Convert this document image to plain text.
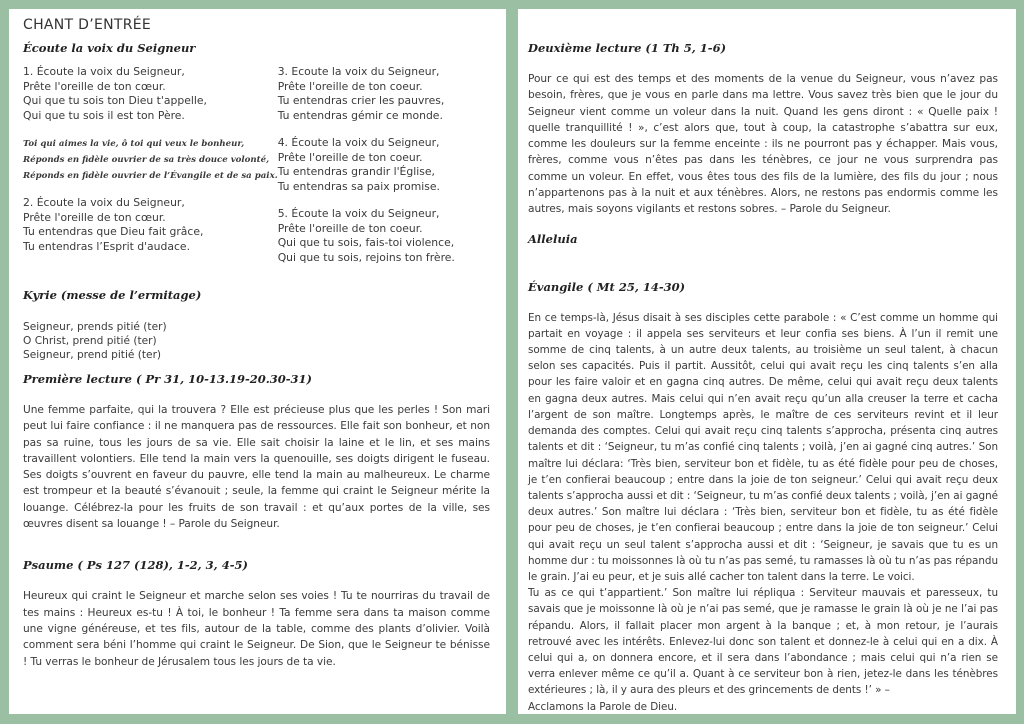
CHANT D’ENTRÉE
Écoute la voix du Seigneur
1. Écoute la voix du Seigneur,
Prête l'oreille de ton cœur.
Qui que tu sois ton Dieu t'appelle,
Qui que tu sois il est ton Père.
Toi qui aimes la vie, ô toi qui veux le bonheur,
Réponds en fidèle ouvrier de sa très douce volonté,
Réponds en fidèle ouvrier de l’Évangile et de sa paix.
2. Écoute la voix du Seigneur,
Prête l'oreille de ton cœur.
Tu entendras que Dieu fait grâce,
Tu entendras l’Esprit d'audace.
3. Ecoute la voix du Seigneur,
Prête l'oreille de ton coeur.
Tu entendras crier les pauvres,
Tu entendras gémir ce monde.
4. Écoute la voix du Seigneur,
Prête l'oreille de ton coeur.
Tu entendras grandir l'Église,
Tu entendras sa paix promise.
5. Écoute la voix du Seigneur,
Prête l'oreille de ton coeur.
Qui que tu sois, fais-toi violence,
Qui que tu sois, rejoins ton frère.
Kyrie (messe de l’ermitage)
Seigneur, prends pitié (ter)
O Christ, prend pitié (ter)
Seigneur, prend pitié (ter)
Première lecture ( Pr 31, 10-13.19-20.30-31)
Une femme parfaite, qui la trouvera ? Elle est précieuse plus que les perles ! Son mari peut lui faire confiance : il ne manquera pas de ressources. Elle fait son bonheur, et non pas sa ruine, tous les jours de sa vie. Elle sait choisir la laine et le lin, et ses mains travaillent volontiers. Elle tend la main vers la quenouille, ses doigts dirigent le fuseau. Ses doigts s’ouvrent en faveur du pauvre, elle tend la main au malheureux. Le charme est trompeur et la beauté s’évanouit ; seule, la femme qui craint le Seigneur mérite la louange. Célébrez-la pour les fruits de son travail : et qu’aux portes de la ville, ses œuvres disent sa louange ! – Parole du Seigneur.
Psaume ( Ps 127 (128), 1-2, 3, 4-5)
Heureux qui craint le Seigneur et marche selon ses voies ! Tu te nourriras du travail de tes mains : Heureux es-tu ! À toi, le bonheur ! Ta femme sera dans ta maison comme une vigne généreuse, et tes fils, autour de la table, comme des plants d’olivier. Voilà comment sera béni l’homme qui craint le Seigneur. De Sion, que le Seigneur te bénisse ! Tu verras le bonheur de Jérusalem tous les jours de ta vie.
Deuxième lecture (1 Th 5, 1-6)
Pour ce qui est des temps et des moments de la venue du Seigneur, vous n’avez pas besoin, frères, que je vous en parle dans ma lettre. Vous savez très bien que le jour du Seigneur vient comme un voleur dans la nuit. Quand les gens diront : « Quelle paix ! quelle tranquillité ! », c’est alors que, tout à coup, la catastrophe s’abattra sur eux, comme les douleurs sur la femme enceinte : ils ne pourront pas y échapper. Mais vous, frères, comme vous n’êtes pas dans les ténèbres, ce jour ne vous surprendra pas comme un voleur. En effet, vous êtes tous des fils de la lumière, des fils du jour ; nous n’appartenons pas à la nuit et aux ténèbres. Alors, ne restons pas endormis comme les autres, mais soyons vigilants et restons sobres. – Parole du Seigneur.
Alleluia
Évangile ( Mt 25, 14-30)

En ce temps-là, Jésus disait à ses disciples cette parabole : « C’est comme un homme qui partait en voyage : il appela ses serviteurs et leur confia ses biens. À l’un il remit une somme de cinq talents, à un autre deux talents, au troisième un seul talent, à chacun selon ses capacités. Puis il partit. Aussitôt, celui qui avait reçu les cinq talents s’en alla pour les faire valoir et en gagna cinq autres. De même, celui qui avait reçu deux talents en gagna deux autres. Mais celui qui n’en avait reçu qu’un alla creuser la terre et cacha l’argent de son maître. Longtemps après, le maître de ces serviteurs revint et il leur demanda des comptes. Celui qui avait reçu cinq talents s’approcha, présenta cinq autres talents et dit : ‘Seigneur, tu m’as confié cinq talents ; voilà, j’en ai gagné cinq autres.’ Son maître lui déclara: ‘Très bien, serviteur bon et fidèle, tu as été fidèle pour peu de choses, je t’en confierai beaucoup ; entre dans la joie de ton seigneur.’ Celui qui avait reçu deux talents s’approcha aussi et dit : ‘Seigneur, tu m’as confié deux talents ; voilà, j’en ai gagné deux autres.’ Son maître lui déclara : ‘Très bien, serviteur bon et fidèle, tu as été fidèle pour peu de choses, je t’en confierai beaucoup ; entre dans la joie de ton seigneur.’ Celui qui avait reçu un seul talent s’approcha aussi et dit : ‘Seigneur, je savais que tu es un homme dur : tu moissonnes là où tu n’as pas semé, tu ramasses là où tu n’as pas répandu le grain. J’ai eu peur, et je suis allé cacher ton talent dans la terre. Le voici.

Tu as ce qui t’appartient.’ Son maître lui répliqua : Serviteur mauvais et paresseux, tu savais que je moissonne là où je n’ai pas semé, que je ramasse le grain là où je ne l’ai pas répandu. Alors, il fallait placer mon argent à la banque ; et, à mon retour, je l’aurais retrouvé avec les intérêts. Enlevez-lui donc son talent et donnez-le à celui qui en a dix. À celui qui a, on donnera encore, et il sera dans l’abondance ; mais celui qui n’a rien se verra enlever même ce qu’il a. Quant à ce serviteur bon à rien, jetez-le dans les ténèbres extérieures ; là, il y aura des pleurs et des grincements de dents !’ » –

Acclamons la Parole de Dieu.
